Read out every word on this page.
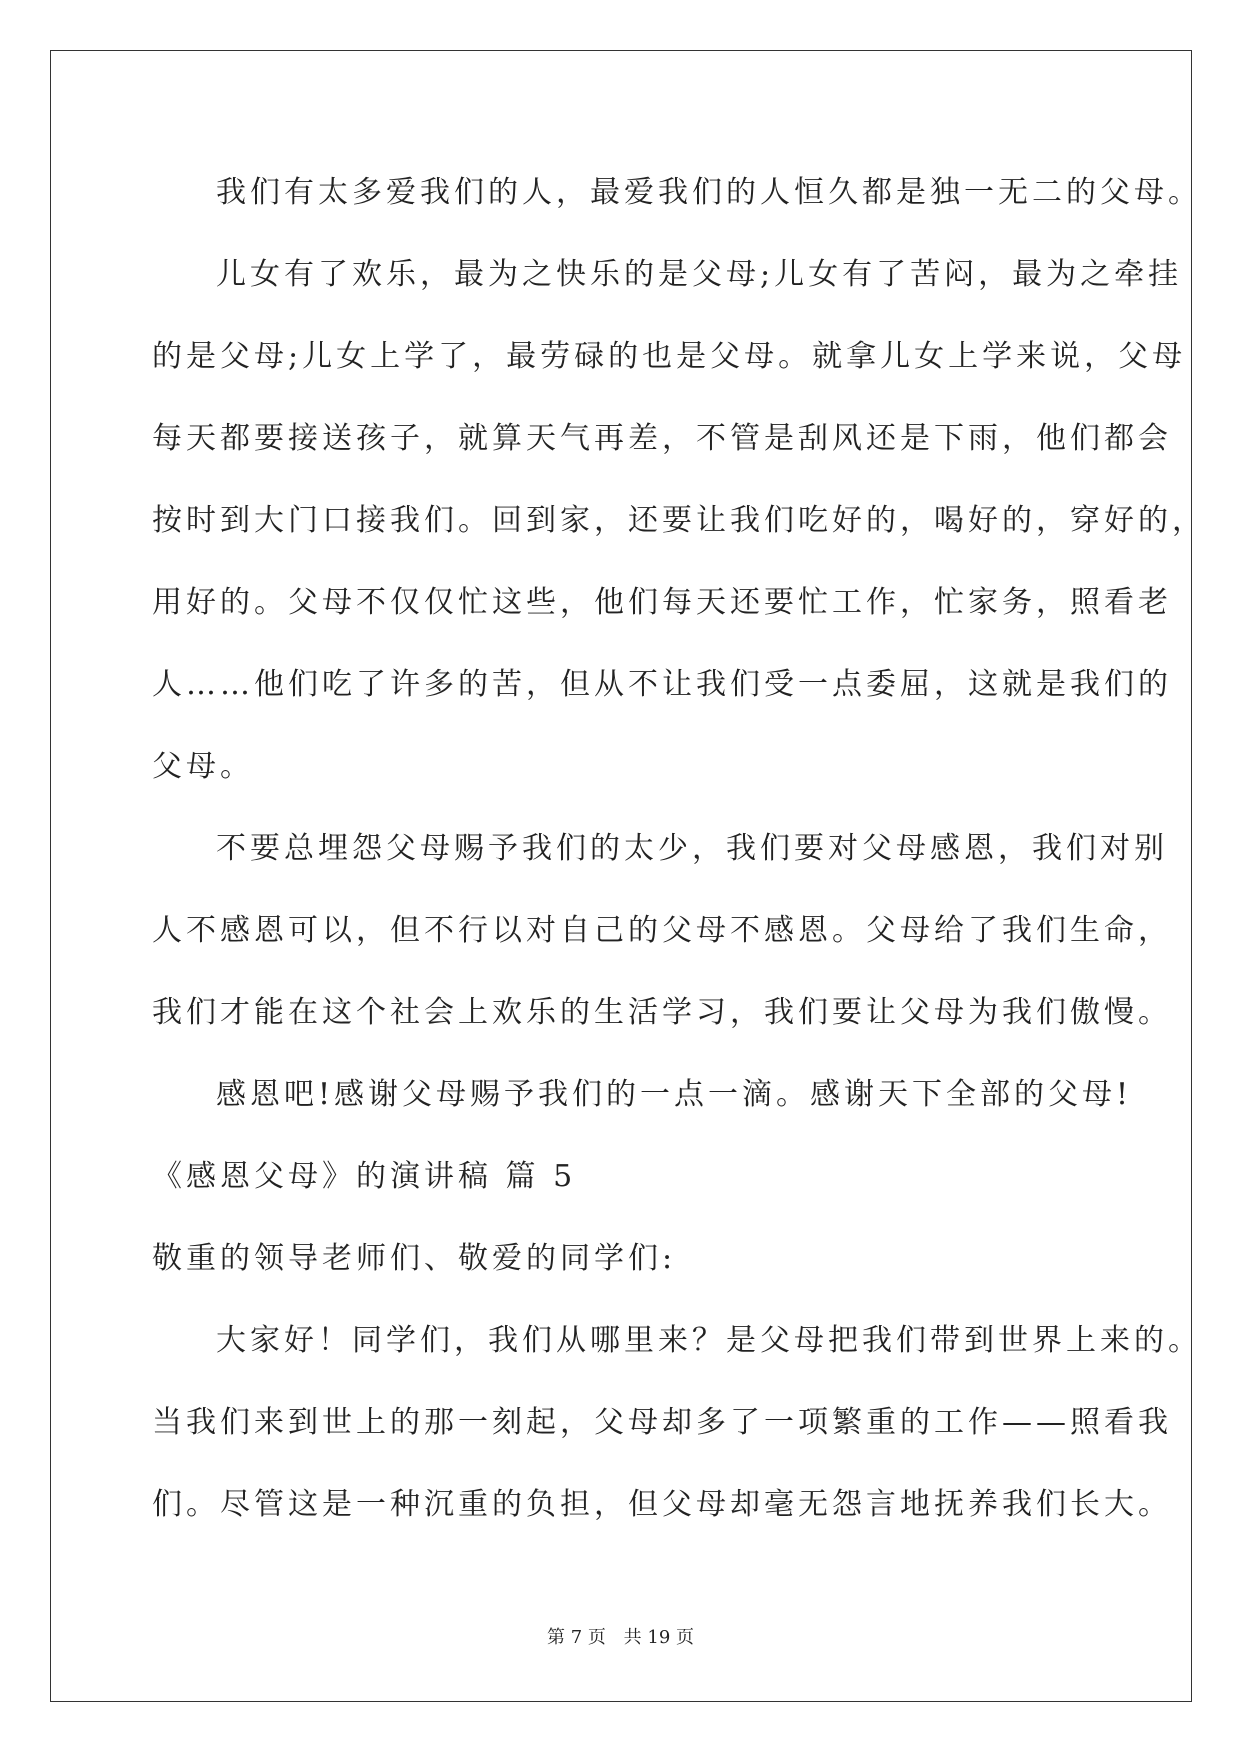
我们有太多爱我们的人，最爱我们的人恒久都是独一无二的父母。
儿女有了欢乐，最为之快乐的是父母;儿女有了苦闷，最为之牵挂
的是父母;儿女上学了，最劳碌的也是父母。就拿儿女上学来说，父母
每天都要接送孩子，就算天气再差，不管是刮风还是下雨，他们都会
按时到大门口接我们。回到家，还要让我们吃好的，喝好的，穿好的，
用好的。父母不仅仅忙这些，他们每天还要忙工作，忙家务，照看老
人……他们吃了许多的苦，但从不让我们受一点委屈，这就是我们的
父母。
不要总埋怨父母赐予我们的太少，我们要对父母感恩，我们对别
人不感恩可以，但不行以对自己的父母不感恩。父母给了我们生命，
我们才能在这个社会上欢乐的生活学习，我们要让父母为我们傲慢。
感恩吧!感谢父母赐予我们的一点一滴。感谢天下全部的父母!
《感恩父母》的演讲稿 篇 5
敬重的领导老师们、敬爱的同学们:
大家好！同学们，我们从哪里来？是父母把我们带到世界上来的。
当我们来到世上的那一刻起，父母却多了一项繁重的工作——照看我
们。尽管这是一种沉重的负担，但父母却毫无怨言地抚养我们长大。
第 7 页 共 19 页
